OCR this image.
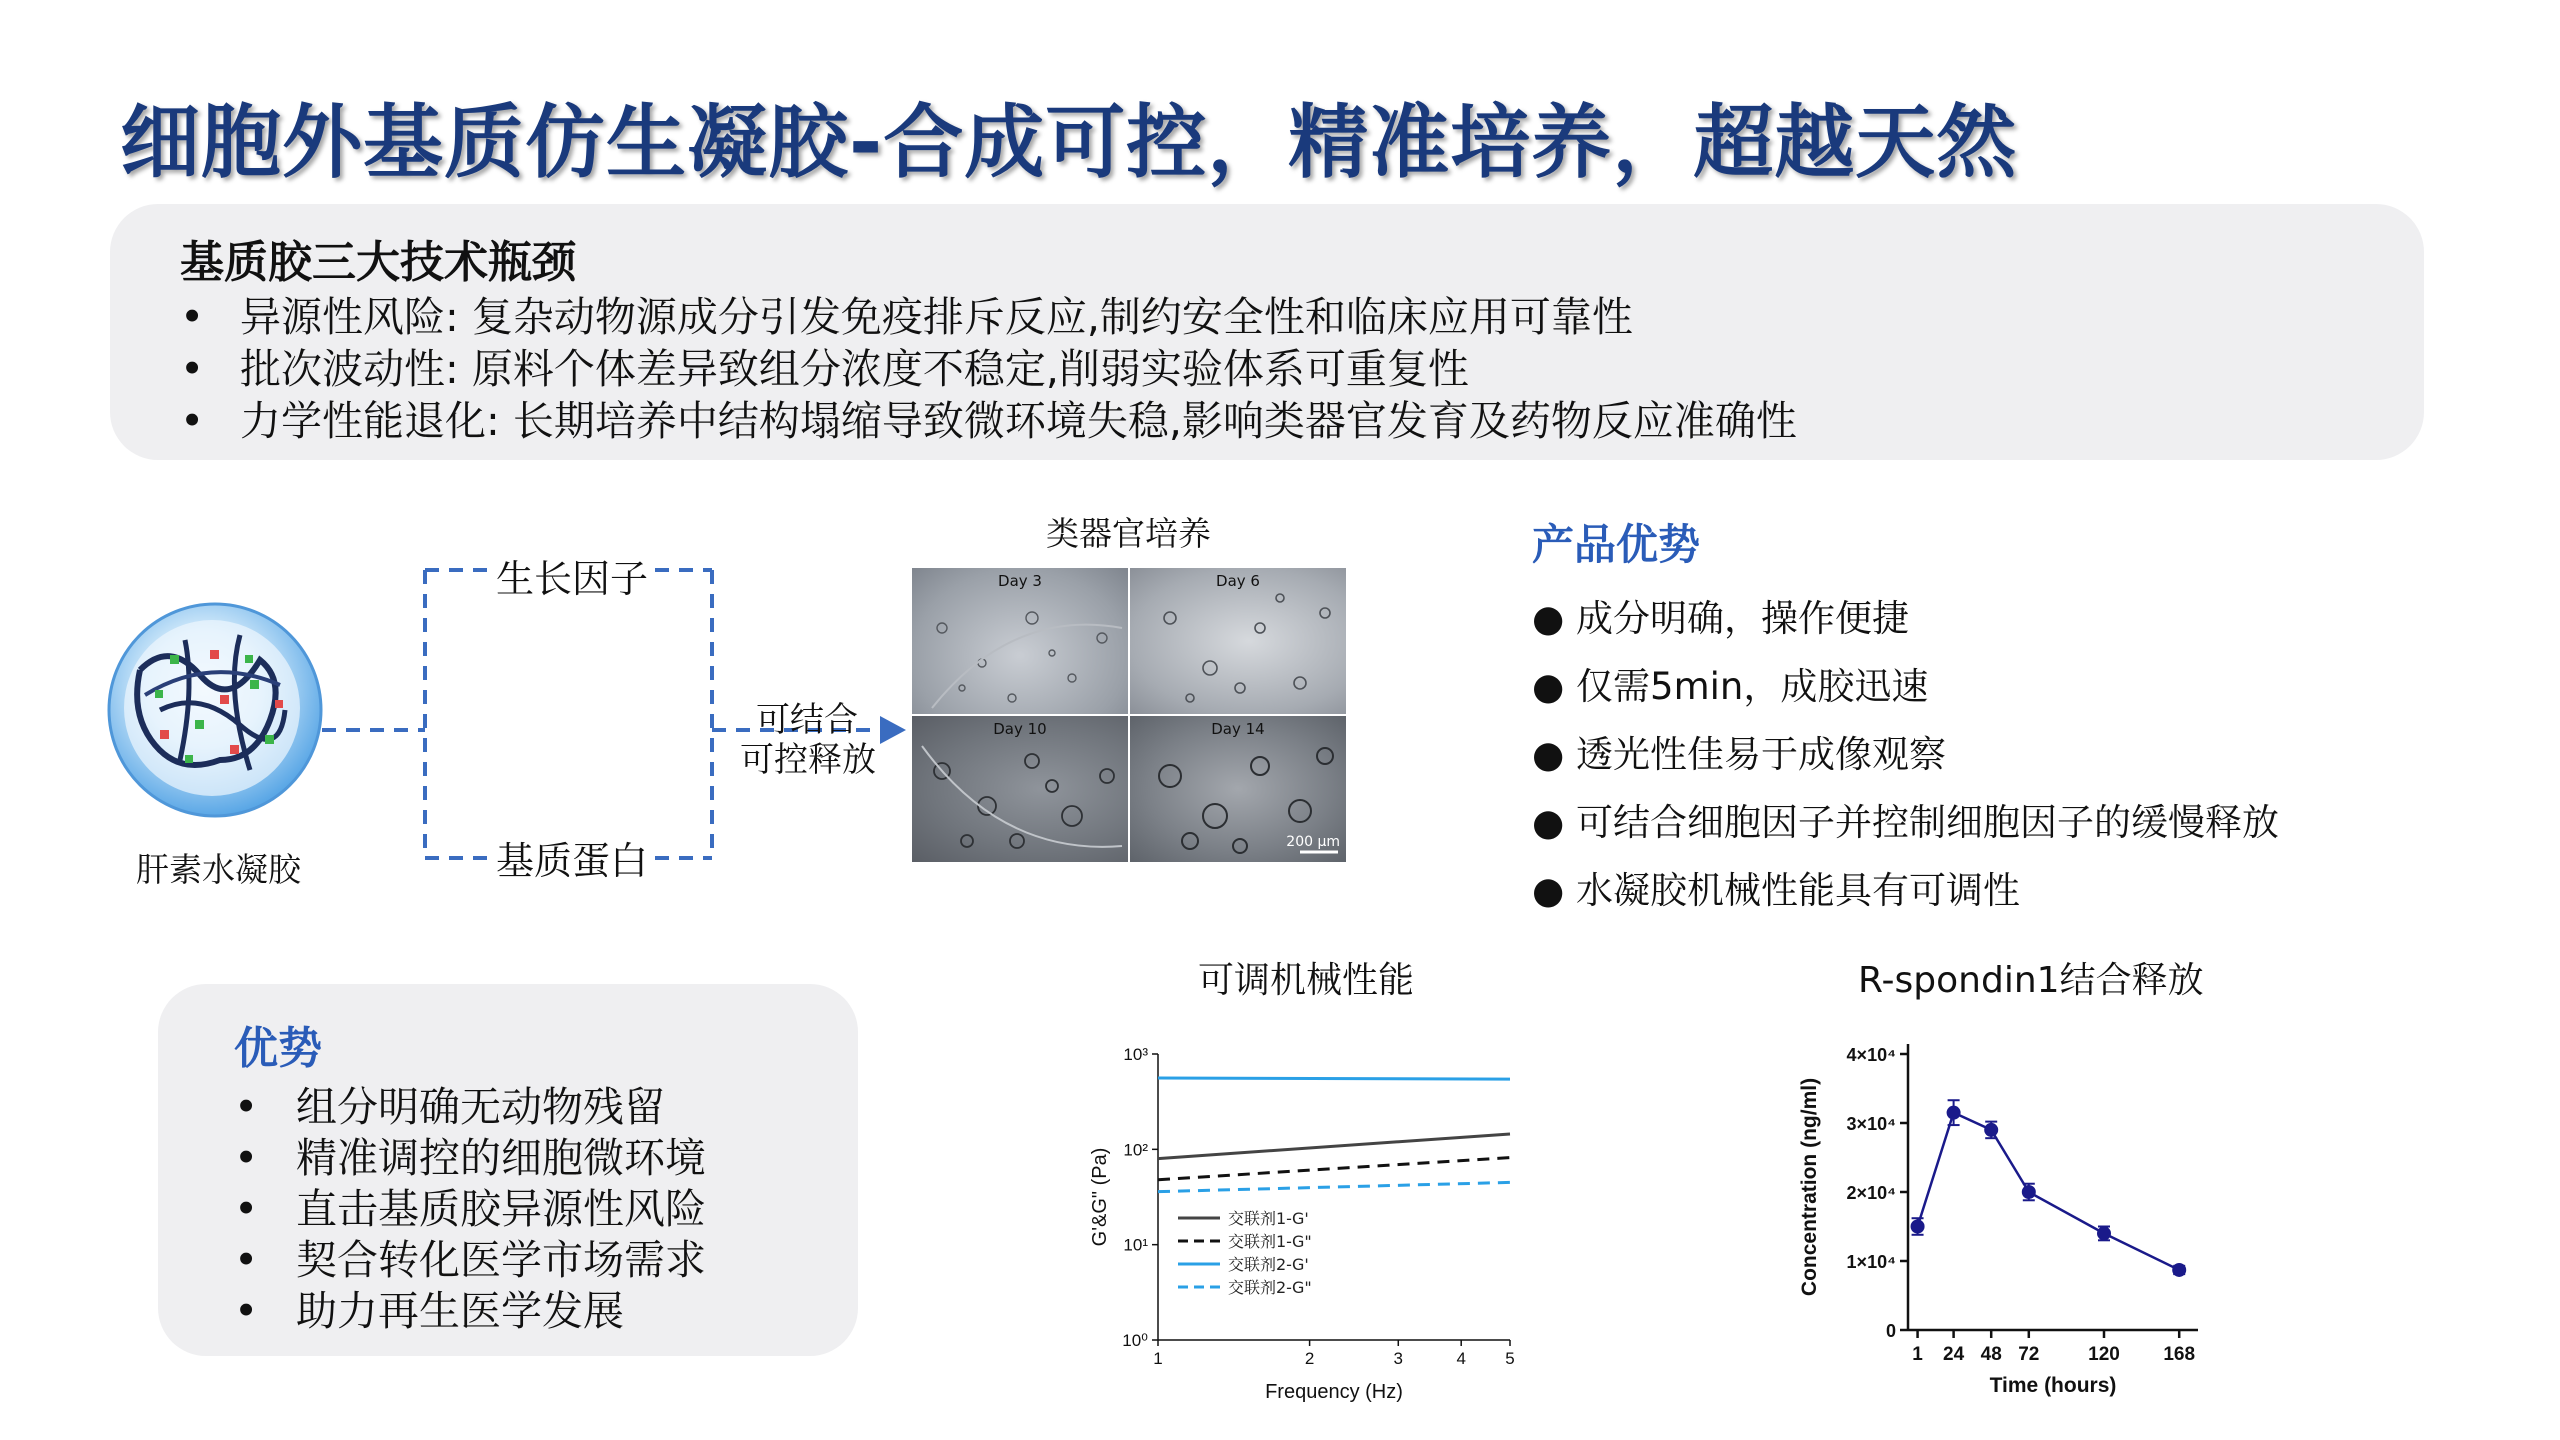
细胞外基质仿生凝胶-合成可控，精准培养，超越天然
基质胶三大技术瓶颈
• 异源性风险: 复杂动物源成分引发免疫排斥反应,制约安全性和临床应用可靠性
• 批次波动性: 原料个体差异致组分浓度不稳定,削弱实验体系可重复性
• 力学性能退化: 长期培养中结构塌缩导致微环境失稳,影响类器官发育及药物反应准确性
肝素水凝胶
生长因子
基质蛋白
可结合
可控释放
类器官培养
Day 3	Day 6
Day 10	Day 14
200 μm
产品优势
● 成分明确，操作便捷
● 仅需5min，成胶迅速
● 透光性佳易于成像观察
● 可结合细胞因子并控制细胞因子的缓慢释放
● 水凝胶机械性能具有可调性
优势
• 组分明确无动物残留
• 精准调控的细胞微环境
• 直击基质胶异源性风险
• 契合转化医学市场需求
• 助力再生医学发展
可调机械性能
10⁰
10¹
10²
10³
1	2	3	4 5
交联剂1-G'
交联剂1-G"
交联剂2-G'
交联剂2-G"
Frequency (Hz)
G'&G" (Pa)
R-spondin1结合释放
0
1×10⁴
2×10⁴
3×10⁴
4×10⁴
1 24 48 72	120 168
Time (hours)
Concentration (ng/ml)
